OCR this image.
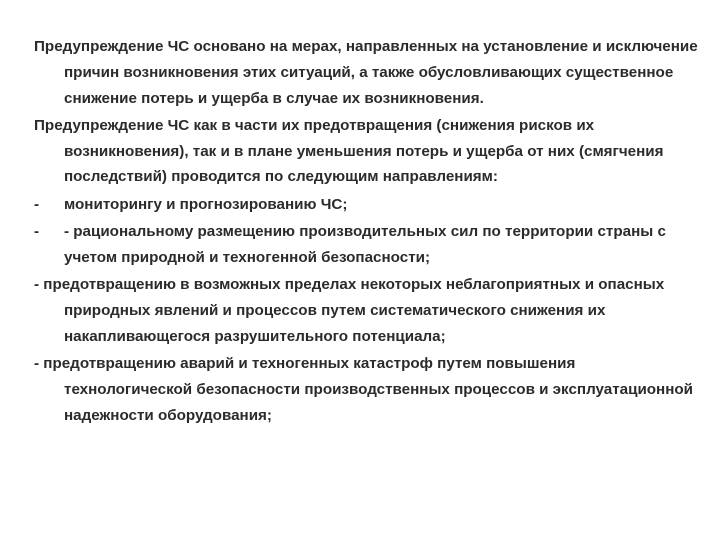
Предупреждение ЧС основано на мерах, направленных на установление и исключение причин возникновения этих ситуаций, а также обусловливающих существенное снижение потерь и ущерба в случае их возникновения.

Предупреждение ЧС как в части их предотвращения (снижения рисков их возникновения), так и в плане уменьшения потерь и ущерба от них (смягчения последствий) проводится по следующим направлениям:

-	мониторингу и прогнозированию ЧС;

-	- рациональному размещению производительных сил по территории страны с учетом природной и техногенной безопасности;

- предотвращению в возможных пределах некоторых неблагоприятных и опасных природных явлений и процессов путем систематического снижения их накапливающегося разрушительного потенциала;

- предотвращению аварий и техногенных катастроф путем повышения технологической безопасности производственных процессов и эксплуатационной надежности оборудования;
